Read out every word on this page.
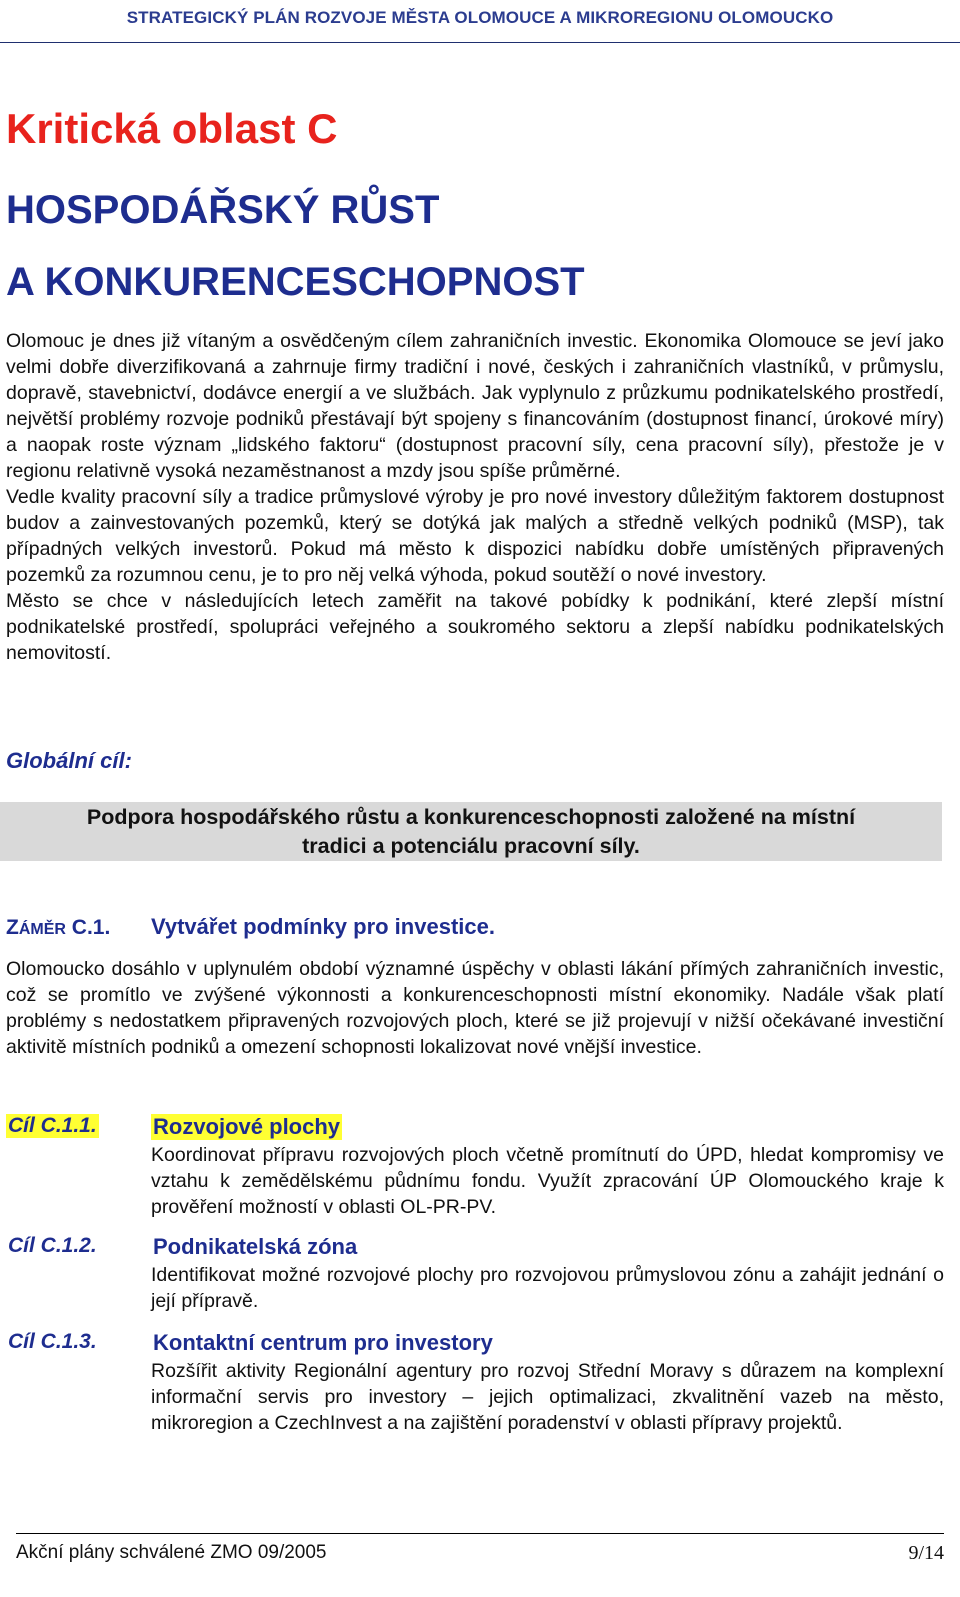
STRATEGICKÝ PLÁN ROZVOJE MĚSTA OLOMOUCE A MIKROREGIONU OLOMOUCKO
Kritická oblast C
HOSPODÁŘSKÝ RŮST
A KONKURENCESCHOPNOST

Olomouc je dnes již vítaným a osvědčeným cílem zahraničních investic. Ekonomika Olomouce se jeví jako velmi dobře diverzifikovaná a zahrnuje firmy tradiční i nové, českých i zahraničních vlastníků, v průmyslu, dopravě, stavebnictví, dodávce energií a ve službách. Jak vyplynulo z průzkumu podnikatelského prostředí, největší problémy rozvoje podniků přestávají být spojeny s financováním (dostupnost financí, úrokové míry) a naopak roste význam „lidského faktoru“ (dostupnost pracovní síly, cena pracovní síly), přestože je v regionu relativně vysoká nezaměstnanost a mzdy jsou spíše průměrné.

Vedle kvality pracovní síly a tradice průmyslové výroby je pro nové investory důležitým faktorem dostupnost budov a zainvestovaných pozemků, který se dotýká jak malých a středně velkých podniků (MSP), tak případných velkých investorů. Pokud má město k dispozici nabídku dobře umístěných připravených pozemků za rozumnou cenu, je to pro něj velká výhoda, pokud soutěží o nové investory.

Město se chce v následujících letech zaměřit na takové pobídky k podnikání, které zlepší místní podnikatelské prostředí, spolupráci veřejného a soukromého sektoru a zlepší nabídku podnikatelských nemovitostí.

Globální cíl:
Podpora hospodářského růstu a konkurenceschopnosti založené na místní
tradici a potenciálu pracovní síly.
ZÁMĚR C.1. Vytvářet podmínky pro investice.
Olomoucko dosáhlo v uplynulém období významné úspěchy v oblasti lákání přímých zahraničních investic, což se promítlo ve zvýšené výkonnosti a konkurenceschopnosti místní ekonomiky. Nadále však platí problémy s nedostatkem připravených rozvojových ploch, které se již projevují v nižší očekávané investiční aktivitě místních podniků a omezení schopnosti lokalizovat nové vnější investice.
Cíl C.1.1.	Rozvojové plochy
Koordinovat přípravu rozvojových ploch včetně promítnutí do ÚPD, hledat kompromisy ve vztahu k zemědělskému půdnímu fondu. Využít zpracování ÚP Olomouckého kraje k prověření možností v oblasti OL-PR-PV.
Cíl C.1.2.	Podnikatelská zóna
Identifikovat možné rozvojové plochy pro rozvojovou průmyslovou zónu a zahájit jednání o její přípravě.
Cíl C.1.3.	Kontaktní centrum pro investory
Rozšířit aktivity Regionální agentury pro rozvoj Střední Moravy s důrazem na komplexní informační servis pro investory – jejich optimalizaci, zkvalitnění vazeb na město, mikroregion a CzechInvest a na zajištění poradenství v oblasti přípravy projektů.
Akční plány schválené ZMO 09/2005	9/14
